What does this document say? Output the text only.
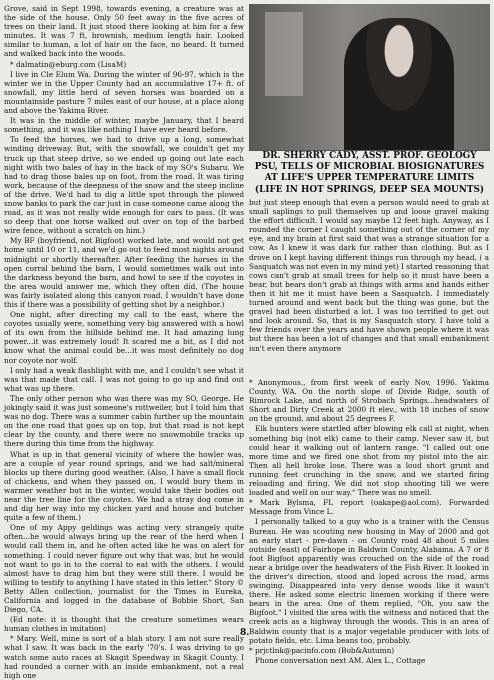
Grove, said in Sept 1998, towards evening, a creature was at the side of the house. Only 50 feet away in the five acres of trees on their land. It just stood there looking at him for a few minutes. It was 7 ft, brownish, medium length hair. Looked similar to human, a lot of hair on the face, no beard. It turned and walked back into the woods.

* dalmatin@eburg.com (LisaM)

I live in Cle Elum Wa. During the winter of 96-97, which is the winter we in the Upper County had an accumulative 17+ ft. of snowfall, my little herd of seven horses was boarded on a mountainside pasture 7 miles east of our house, at a place along and above the Yakima River.

It was in the middle of winter, maybe January, that I heard something, and it was like nothing I have ever heard before.

To feed the horses, we had to drive up a long, somewhat winding driveway. But, with the snowfall, we couldn't get my truck up that steep drive, so we ended up going out late each night with two bales of hay in the back of my SO's Subaru. We had to drag those bales up on foot, from the road. It was tiring work, because of the deepness of the snow and the steep incline of the drive. We'd had to dig a little spot through the plowed snow banks to park the car just in case someone came along the road, as it was not really wide enough for cars to pass. (It was so deep that one horse walked out over on top of the barbed wire fence, without a scratch on him.)

My BF (boyfriend, not Bigfoot) worked late, and would not get home until 10 or 11, and we'd go out to feed most nights around midnight or shortly thereafter. After feeding the horses in the open corral behind the barn, I would sometimes walk out into the darkness beyond the barn, and howl to see if the coyotes in the area would answer me, which they often did. (The house was fairly isolated along this canyon road. I wouldn't have done this if there was a possibility of getting shot by a neighbor.)

One night, after directing my call to the east, where the coyotes usually were, something very big answered with a howl of its own from the hillside behind me. It had amazing lung power...it was extremely loud! It scared me a bit, as I did not know what the animal could be...it was most definitely no dog nor coyote nor wolf.

I only had a weak flashlight with me, and I couldn't see what it was that made that call. I was not going to go up and find out what was up there.

The only other person who was there was my SO, George. He jokingly said it was just someone's rottweiler, but I told him that was no dog. There was a summer cabin further up the mountain on the one road that goes up on top, but that road is not kept clear by the county, and there were no snowmobile tracks up there during this time from the highway.

What is up in that general vicinity of where the howler was, are a couple of year round springs, and we had salt/mineral blocks up there during good weather. (Also, I have a small flock of chickens, and when they passed on, I would bury them in warmer weather but in the winter, would take their bodies out near the tree line for the coyotes. We had a stray dog come in and dig her way into my chicken yard and house and butcher quite a few of them.)

One of my Appy geldings was acting very strangely quite often...he would always bring up the rear of the herd when I would call them in, and he often acted like he was on alert for something. I could never figure out why that was, but he would not want to go in to the corral to eat with the others. I would almost have to drag him but they were still there. I would be willing to testify to anything I have stated in this letter." Story © Betty Allen collection, journalist for the Times in Eureka, California and logged in the database of Bobbie Short, San Diego, CA.

(Ed note: it is thought that the creature sometimes wears human clothes in imitation)

* Mary. Well, mine is sort of a blah story. I am not sure really what I saw. It was back in the early '70's. I was driving to go watch some auto races at Skagit Speedway in Skagit County. I had rounded a corner with an inside embankment, not a real high one

DR. SHERRY CADY, ASST. PROF. GEOLOGY
PSU, TELLS OF MICROBIAL BIOSIGNATURES
AT LIFE'S UPPER TEMPERATURE LIMITS
(LIFE IN HOT SPRINGS, DEEP SEA MOUNTS)

but just steep enough that even a person would need to grab at small saplings to pull themselves up and loose gravel making the effort difficult. I would say maybe 12 feet high. Anyway, as I rounded the corner I caught something out of the corner of my eye, and my brain at first said that was a strange situation for a cow. As I knew it was dark fur rather than clothing. But as I drove on I kept having different things run through my head, ( a Sasquatch was not even in my mind yet) I started reasoning that cows can't grab at small trees for help so it must have been a bear, but bears don't grab at things with arms and hands either then it hit me it must have been a Sasquatch. I immediately turned around and went back but the thing was gone, but the gravel had been disturbed a lot. I was too terrified to get out and look around. So, that is my Sasquatch story. I have told a few friends over the years and have shown people where it was but there has been a lot of changes and that small embankment isn't even there anymore

* Anonymous., from first week of early Nov, 1996. Yakima County, WA. On the north slope of Divide Ridge, south of Rimrock Lake, and north of Strobach Springs...headwaters of Short and Dirty Creek at 2000 ft elev., with 18 inches of snow on the ground, and about 25 degrees F.

Elk hunters were startled after blowing elk call at night, when something big (not elk) came to their camp. Never saw it, but could hear it walking out of lantern range. "I called out one more time and we fired one shot from my pistol into the air. Then all hell broke lose. There was a loud short grunt and running feet crunching in the snow, and we started firing reloading and firing. We did not stop shooting till we were loaded and well on our way." There was no smell.

* Mark Bylsma, FL report (oakape@aol.com). Forwarded Message from Vince L.

I personally talked to a guy who is a trainer with the Census Bureau. He was scouting new housing in May of 2000 and got an early start - pre-dawn - on County road 48 about 5 miles outside (east) of Fairhope in Baldwin County, Alabama. A 7 or 8 foot Bigfoot apparently was crouched on the side of the road near a bridge over the headwaters of the Fish River. It looked in the driver's direction, stood and loped across the road, arms swinging. Disappeared into very dense woods like it wasn't there. He asked some electric linemen working if there were bears in the area. One of them replied, "Oh, you saw the Bigfoot." I visited the area with the witness and noticed that the creek acts as a highway through the woods. This is an area of Baldwin county that is a major vegetable producer with lots of potato fields, etc. Lima beans too, probably.

* prjctlnk@pacinfo.com (Bob&Autumn)

Phone conversation next AM. Alex L., Cottage

8.
